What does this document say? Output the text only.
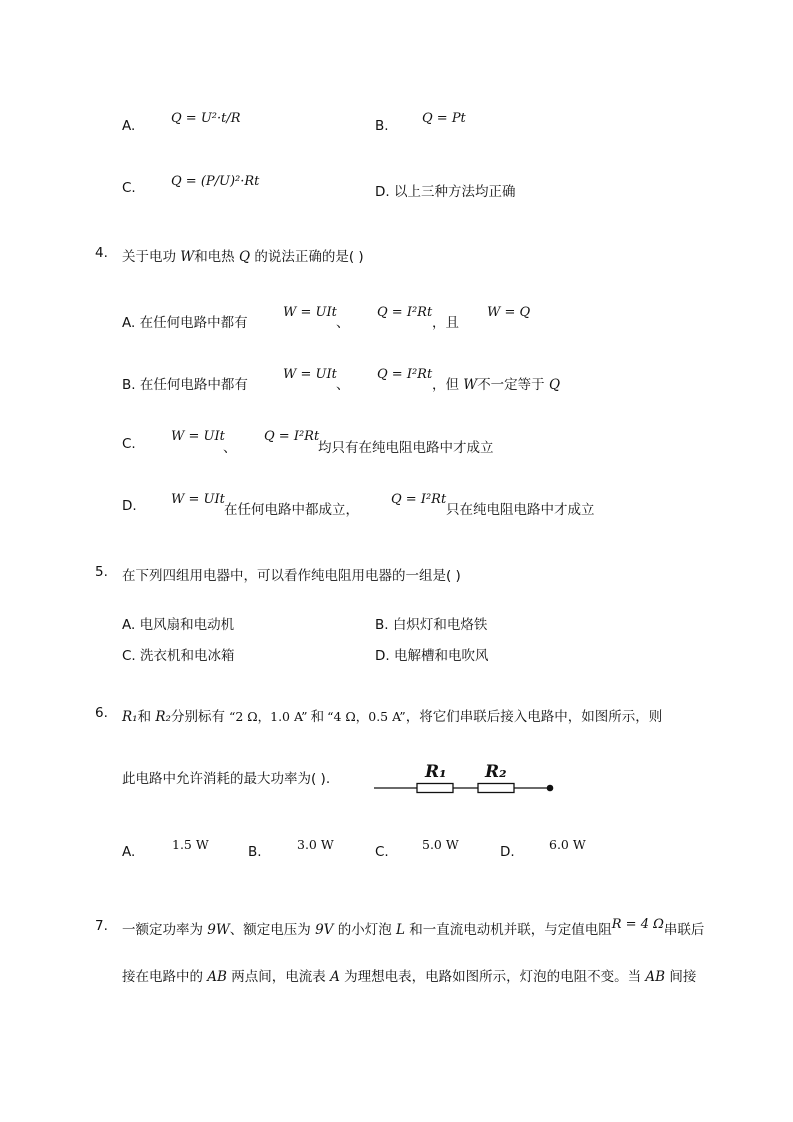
A.	Q = U²·t/R	B.	Q = Pt
C.	Q = (P/U)²·Rt
D. 以上三种方法均正确
4. 关于电功 W和电热 Q 的说法正确的是( )
A. 在任何电路中都有
W = UIt
、
Q = I²Rt
，且
W = Q
B. 在任何电路中都有
W = UIt
、
Q = I²Rt
，但 W不一定等于 Q
C.	W = UIt
、
Q = I²Rt
均只有在纯电阻电路中才成立
D.	W = UIt
在任何电路中都成立，
Q = I²Rt
只在纯电阻电路中才成立
5. 在下列四组用电器中，可以看作纯电阻用电器的一组是( )
A. 电风扇和电动机	B. 白炽灯和电烙铁
C. 洗衣机和电冰箱	D. 电解槽和电吹风
6. R₁和 R₂分别标有 “2 Ω，1.0 A” 和 “4 Ω，0.5 A”，将它们串联后接入电路中，如图所示，则
此电路中允许消耗的最大功率为( ).	R₁ R₂
A.	1.5 W	B.	3.0 W	C.	5.0 W	D.	6.0 W
7. 一额定功率为 9W、额定电压为 9V 的小灯泡 L 和一直流电动机并联，与定值电阻R = 4 Ω串联后
接在电路中的 AB 两点间，电流表 A 为理想电表，电路如图所示，灯泡的电阻不变。当 AB 间接
